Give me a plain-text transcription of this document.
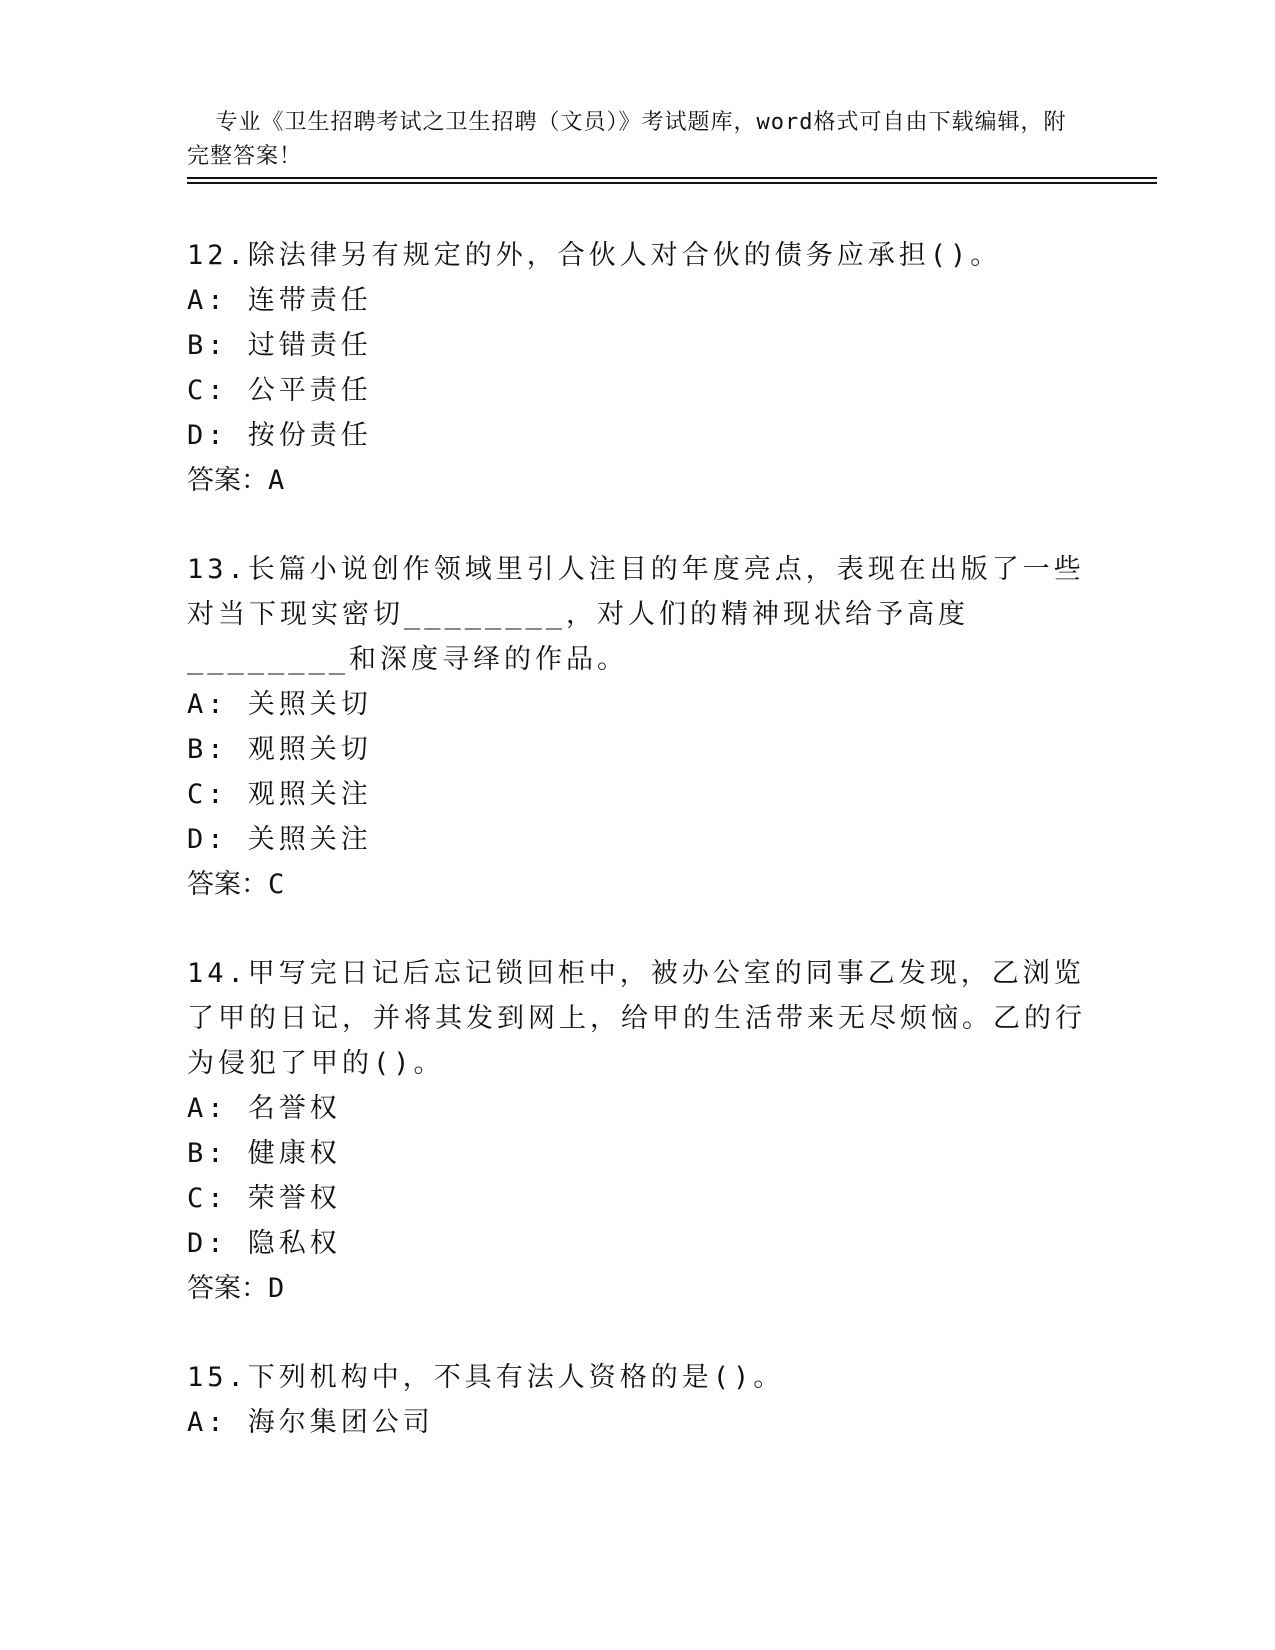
专业《卫生招聘考试之卫生招聘（文员）》考试题库，word格式可自由下载编辑，附完整答案！

12.除法律另有规定的外，合伙人对合伙的债务应承担()。
A: 连带责任
B: 过错责任
C: 公平责任
D: 按份责任
答案：A
13.长篇小说创作领域里引人注目的年度亮点，表现在出版了一些对当下现实密切________，对人们的精神现状给予高度________和深度寻绎的作品。
A: 关照关切
B: 观照关切
C: 观照关注
D: 关照关注
答案：C
14.甲写完日记后忘记锁回柜中，被办公室的同事乙发现，乙浏览了甲的日记，并将其发到网上，给甲的生活带来无尽烦恼。乙的行为侵犯了甲的()。
A: 名誉权
B: 健康权
C: 荣誉权
D: 隐私权
答案：D
15.下列机构中，不具有法人资格的是()。
A: 海尔集团公司
